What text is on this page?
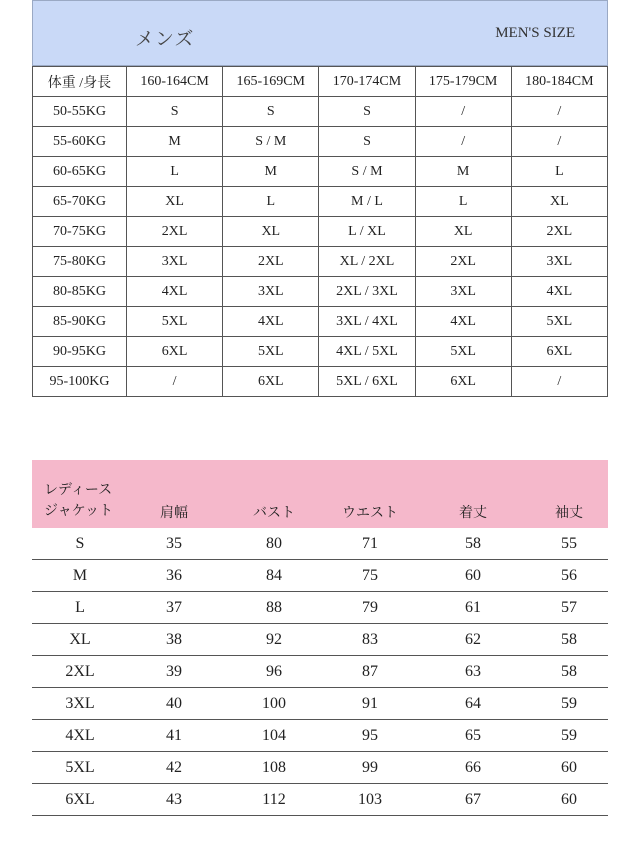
メンズ	MEN'S SIZE
体重 /身長	160-164CM	165-169CM	170-174CM	175-179CM	180-184CM
50-55KG	S	S	S	/	/
55-60KG	M	S / M	S	/	/
60-65KG	L	M	S / M	M	L
65-70KG	XL	L	M / L	L	XL
70-75KG	2XL	XL	L / XL	XL	2XL
75-80KG	3XL	2XL	XL / 2XL	2XL	3XL
80-85KG	4XL	3XL	2XL / 3XL	3XL	4XL
85-90KG	5XL	4XL	3XL / 4XL	4XL	5XL
90-95KG	6XL	5XL	4XL / 5XL	5XL	6XL
95-100KG	/	6XL	5XL / 6XL	6XL	/
レディース
ジャケット	肩幅	バスト	ウエスト	着丈	袖丈
S	35	80	71	58	55
M	36	84	75	60	56
L	37	88	79	61	57
XL	38	92	83	62	58
2XL	39	96	87	63	58
3XL	40	100	91	64	59
4XL	41	104	95	65	59
5XL	42	108	99	66	60
6XL	43	112	103	67	60
